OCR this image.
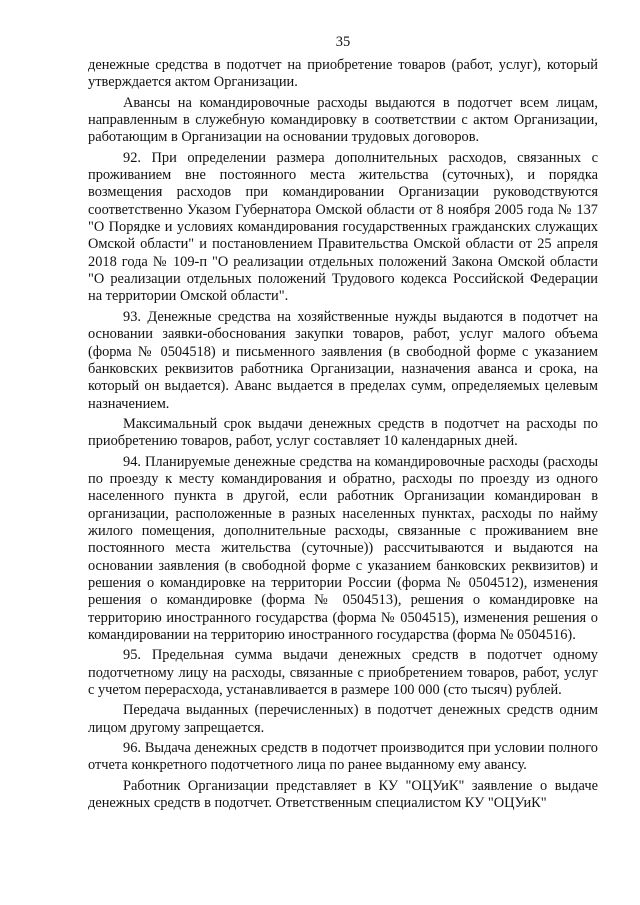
35

денежные средства в подотчет на приобретение товаров (работ, услуг), который утверждается актом Организации.

Авансы на командировочные расходы выдаются в подотчет всем лицам, направленным в служебную командировку в соответствии с актом Организации, работающим в Организации на основании трудовых договоров.

92. При определении размера дополнительных расходов, связанных с проживанием вне постоянного места жительства (суточных), и порядка возмещения расходов при командировании Организации руководствуются соответственно Указом Губернатора Омской области от 8 ноября 2005 года № 137 "О Порядке и условиях командирования государственных гражданских служащих Омской области" и постановлением Правительства Омской области от 25 апреля 2018 года № 109-п "О реализации отдельных положений Закона Омской области "О реализации отдельных положений Трудового кодекса Российской Федерации на территории Омской области".

93. Денежные средства на хозяйственные нужды выдаются в подотчет на основании заявки-обоснования закупки товаров, работ, услуг малого объема (форма № 0504518) и письменного заявления (в свободной форме с указанием банковских реквизитов работника Организации, назначения аванса и срока, на который он выдается). Аванс выдается в пределах сумм, определяемых целевым назначением.

Максимальный срок выдачи денежных средств в подотчет на расходы по приобретению товаров, работ, услуг составляет 10 календарных дней.

94. Планируемые денежные средства на командировочные расходы (расходы по проезду к месту командирования и обратно, расходы по проезду из одного населенного пункта в другой, если работник Организации командирован в организации, расположенные в разных населенных пунктах, расходы по найму жилого помещения, дополнительные расходы, связанные с проживанием вне постоянного места жительства (суточные)) рассчитываются и выдаются на основании заявления (в свободной форме с указанием банковских реквизитов) и решения о командировке на территории России (форма № 0504512), изменения решения о командировке (форма № 0504513), решения о командировке на территорию иностранного государства (форма № 0504515), изменения решения о командировании на территорию иностранного государства (форма № 0504516).

95. Предельная сумма выдачи денежных средств в подотчет одному подотчетному лицу на расходы, связанные с приобретением товаров, работ, услуг с учетом перерасхода, устанавливается в размере 100 000 (сто тысяч) рублей.

Передача выданных (перечисленных) в подотчет денежных средств одним лицом другому запрещается.

96. Выдача денежных средств в подотчет производится при условии полного отчета конкретного подотчетного лица по ранее выданному ему авансу.

Работник Организации представляет в КУ "ОЦУиК" заявление о выдаче денежных средств в подотчет. Ответственным специалистом КУ "ОЦУиК"
